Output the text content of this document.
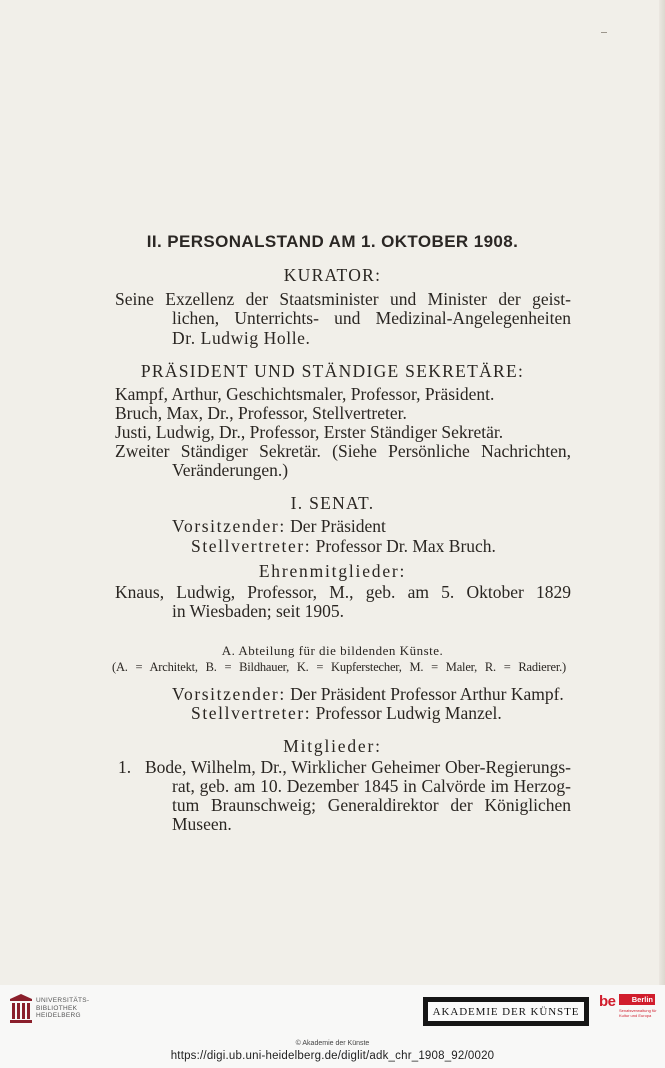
II. PERSONALSTAND AM 1. OKTOBER 1908.
KURATOR:
Seine Exzellenz der Staatsminister und Minister der geist-
lichen, Unterrichts- und Medizinal-Angelegenheiten
Dr. Ludwig Holle.
PRÄSIDENT UND STÄNDIGE SEKRETÄRE:
Kampf, Arthur, Geschichtsmaler, Professor, Präsident.
Bruch, Max, Dr., Professor, Stellvertreter.
Justi, Ludwig, Dr., Professor, Erster Ständiger Sekretär.
Zweiter Ständiger Sekretär. (Siehe Persönliche Nachrichten,
Veränderungen.)
I. SENAT.
Vorsitzender: Der Präsident
Stellvertreter: Professor Dr. Max Bruch.
Ehrenmitglieder:
Knaus, Ludwig, Professor, M., geb. am 5. Oktober 1829
in Wiesbaden; seit 1905.
A. Abteilung für die bildenden Künste.
(A. = Architekt, B. = Bildhauer, K. = Kupferstecher, M. = Maler, R. = Radierer.)
Vorsitzender: Der Präsident Professor Arthur Kampf.
Stellvertreter: Professor Ludwig Manzel.
Mitglieder:
1. Bode, Wilhelm, Dr., Wirklicher Geheimer Ober-Regierungs-
rat, geb. am 10. Dezember 1845 in Calvörde im Herzog-
tum Braunschweig; Generaldirektor der Königlichen
Museen.
UNIVERSITÄTS-
BIBLIOTHEK
HEIDELBERG	AKADEMIE DER KÜNSTE
be	Berlin
Senatsverwaltung für Kultur und Europa
© Akademie der Künste
https://digi.ub.uni-heidelberg.de/diglit/adk_chr_1908_92/0020
